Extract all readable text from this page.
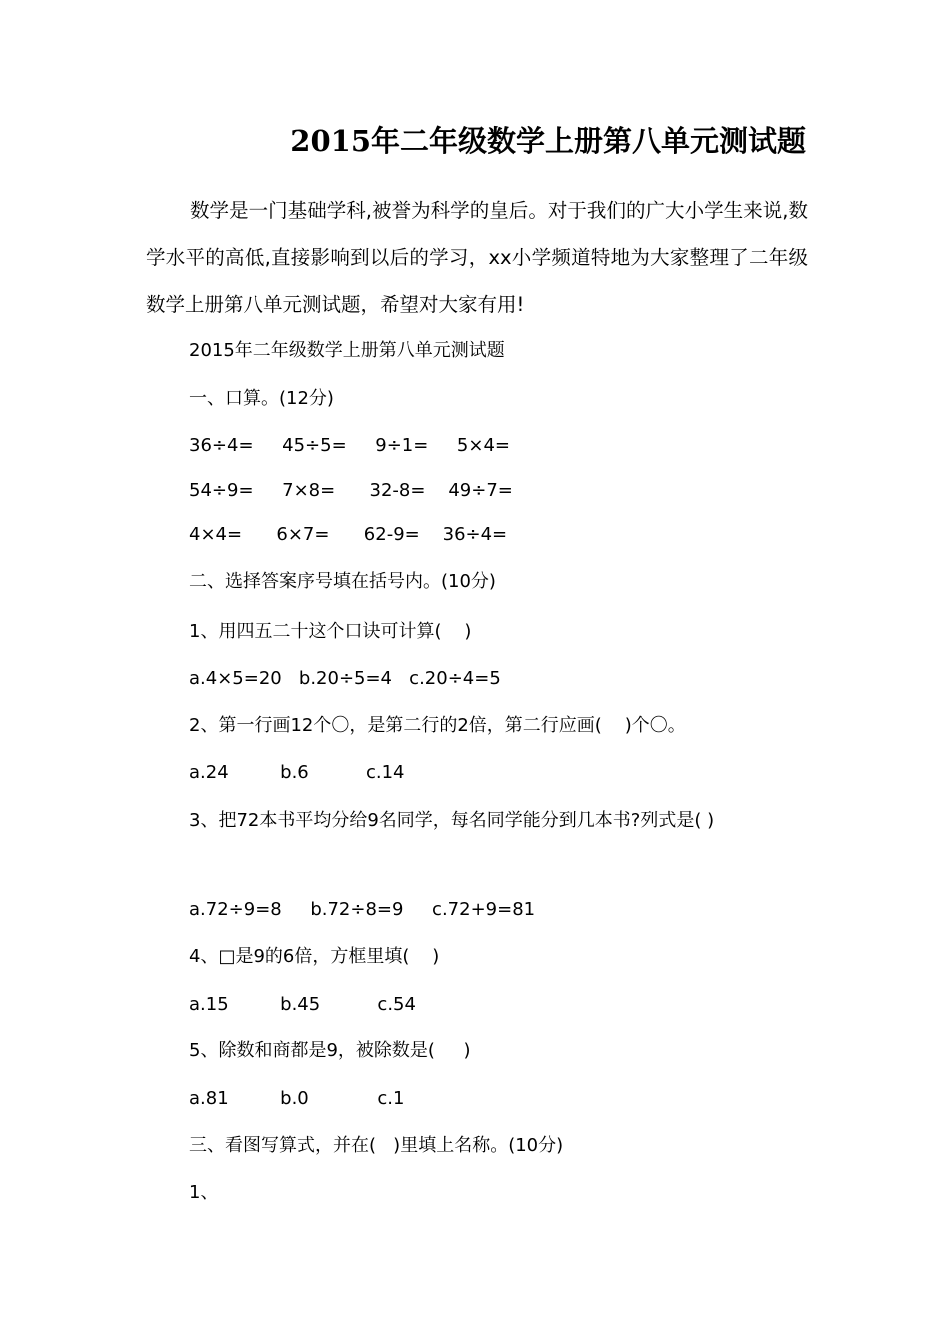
2015年二年级数学上册第八单元测试题

数学是一门基础学科,被誉为科学的皇后。对于我们的广大小学生来说,数学水平的高低,直接影响到以后的学习，xx小学频道特地为大家整理了二年级数学上册第八单元测试题，希望对大家有用!

2015年二年级数学上册第八单元测试题
一、口算。(12分)
36÷4=     45÷5=     9÷1=     5×4=
54÷9=     7×8=      32-8=    49÷7=
4×4=      6×7=      62-9=    36÷4=
二、选择答案序号填在括号内。(10分)
1、用四五二十这个口诀可计算(    )
a.4×5=20   b.20÷5=4   c.20÷4=5
2、第一行画12个〇，是第二行的2倍，第二行应画(    )个〇。
a.24         b.6          c.14
3、把72本书平均分给9名同学，每名同学能分到几本书?列式是( )
a.72÷9=8     b.72÷8=9     c.72+9=81
4、□是9的6倍，方框里填(    )
a.15         b.45          c.54
5、除数和商都是9，被除数是(     )
a.81         b.0            c.1
三、看图写算式，并在(   )里填上名称。(10分)
1、
